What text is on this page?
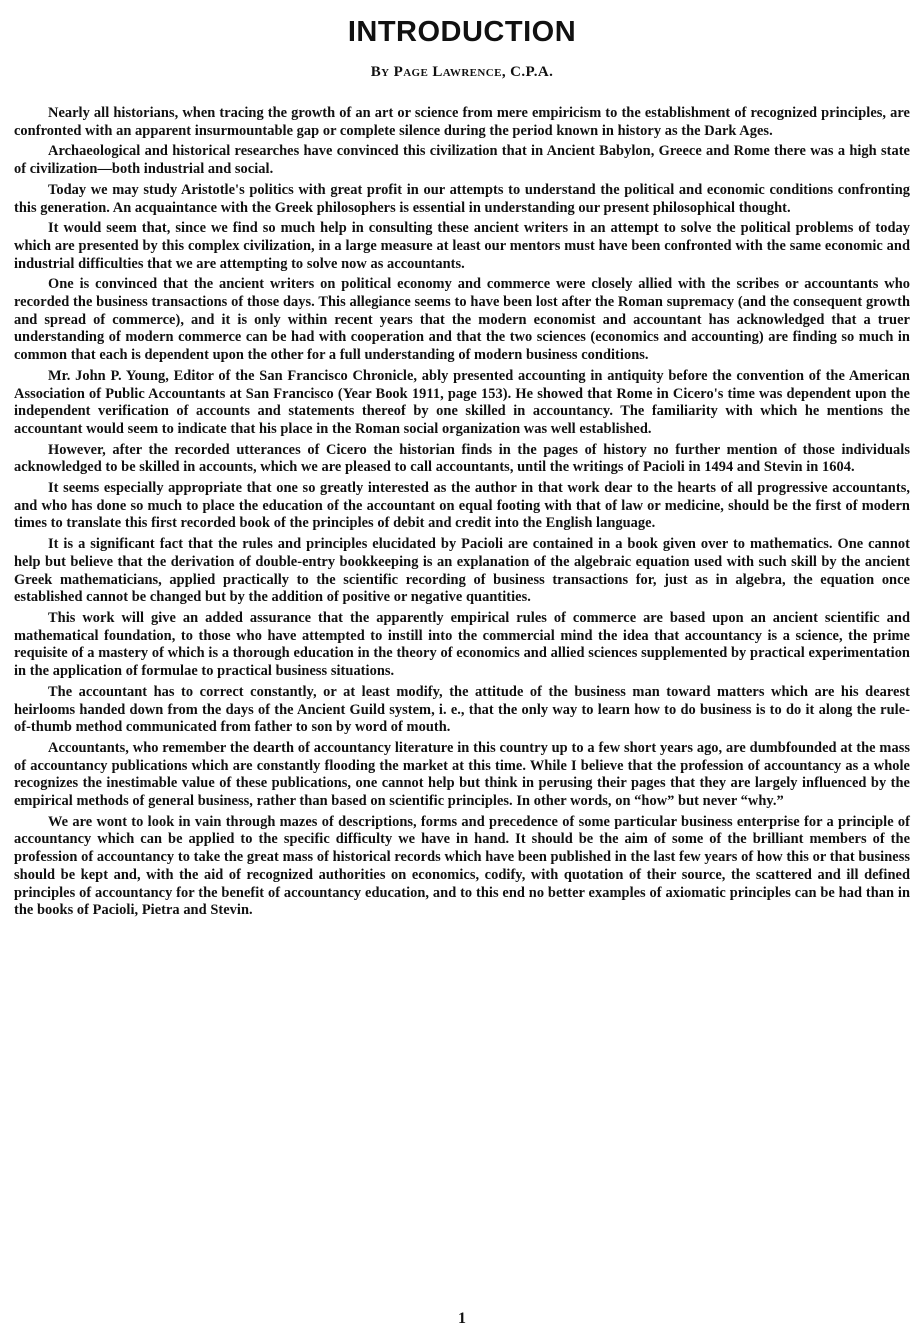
INTRODUCTION
By Page Lawrence, C.P.A.

Nearly all historians, when tracing the growth of an art or science from mere empiricism to the establishment of recognized principles, are confronted with an apparent insurmountable gap or complete silence during the period known in history as the Dark Ages.

Archaeological and historical researches have convinced this civilization that in Ancient Babylon, Greece and Rome there was a high state of civilization—both industrial and social.

Today we may study Aristotle's politics with great profit in our attempts to understand the political and economic conditions confronting this generation. An acquaintance with the Greek philosophers is essential in understanding our present philosophical thought.

It would seem that, since we find so much help in consulting these ancient writers in an attempt to solve the political problems of today which are presented by this complex civilization, in a large measure at least our mentors must have been confronted with the same economic and industrial difficulties that we are attempting to solve now as accountants.

One is convinced that the ancient writers on political economy and commerce were closely allied with the scribes or accountants who recorded the business transactions of those days. This allegiance seems to have been lost after the Roman supremacy (and the consequent growth and spread of commerce), and it is only within recent years that the modern economist and accountant has acknowledged that a truer understanding of modern commerce can be had with cooperation and that the two sciences (economics and accounting) are finding so much in common that each is dependent upon the other for a full understanding of modern business conditions.

Mr. John P. Young, Editor of the San Francisco Chronicle, ably presented accounting in antiquity before the convention of the American Association of Public Accountants at San Francisco (Year Book 1911, page 153). He showed that Rome in Cicero's time was dependent upon the independent verification of accounts and statements thereof by one skilled in accountancy. The familiarity with which he mentions the accountant would seem to indicate that his place in the Roman social organization was well established.

However, after the recorded utterances of Cicero the historian finds in the pages of history no further mention of those individuals acknowledged to be skilled in accounts, which we are pleased to call accountants, until the writings of Pacioli in 1494 and Stevin in 1604.

It seems especially appropriate that one so greatly interested as the author in that work dear to the hearts of all progressive accountants, and who has done so much to place the education of the accountant on equal footing with that of law or medicine, should be the first of modern times to translate this first recorded book of the principles of debit and credit into the English language.

It is a significant fact that the rules and principles elucidated by Pacioli are contained in a book given over to mathematics. One cannot help but believe that the derivation of double-entry bookkeeping is an explanation of the algebraic equation used with such skill by the ancient Greek mathematicians, applied practically to the scientific recording of business transactions for, just as in algebra, the equation once established cannot be changed but by the addition of positive or negative quantities.

This work will give an added assurance that the apparently empirical rules of commerce are based upon an ancient scientific and mathematical foundation, to those who have attempted to instill into the commercial mind the idea that accountancy is a science, the prime requisite of a mastery of which is a thorough education in the theory of economics and allied sciences supplemented by practical experimentation in the application of formulae to practical business situations.

The accountant has to correct constantly, or at least modify, the attitude of the business man toward matters which are his dearest heirlooms handed down from the days of the Ancient Guild system, i. e., that the only way to learn how to do business is to do it along the rule-of-thumb method communicated from father to son by word of mouth.

Accountants, who remember the dearth of accountancy literature in this country up to a few short years ago, are dumbfounded at the mass of accountancy publications which are constantly flooding the market at this time. While I believe that the profession of accountancy as a whole recognizes the inestimable value of these publications, one cannot help but think in perusing their pages that they are largely influenced by the empirical methods of general business, rather than based on scientific principles. In other words, on “how” but never “why.”

We are wont to look in vain through mazes of descriptions, forms and precedence of some particular business enterprise for a principle of accountancy which can be applied to the specific difficulty we have in hand. It should be the aim of some of the brilliant members of the profession of accountancy to take the great mass of historical records which have been published in the last few years of how this or that business should be kept and, with the aid of recognized authorities on economics, codify, with quotation of their source, the scattered and ill defined principles of accountancy for the benefit of accountancy education, and to this end no better examples of axiomatic principles can be had than in the books of Pacioli, Pietra and Stevin.

1
